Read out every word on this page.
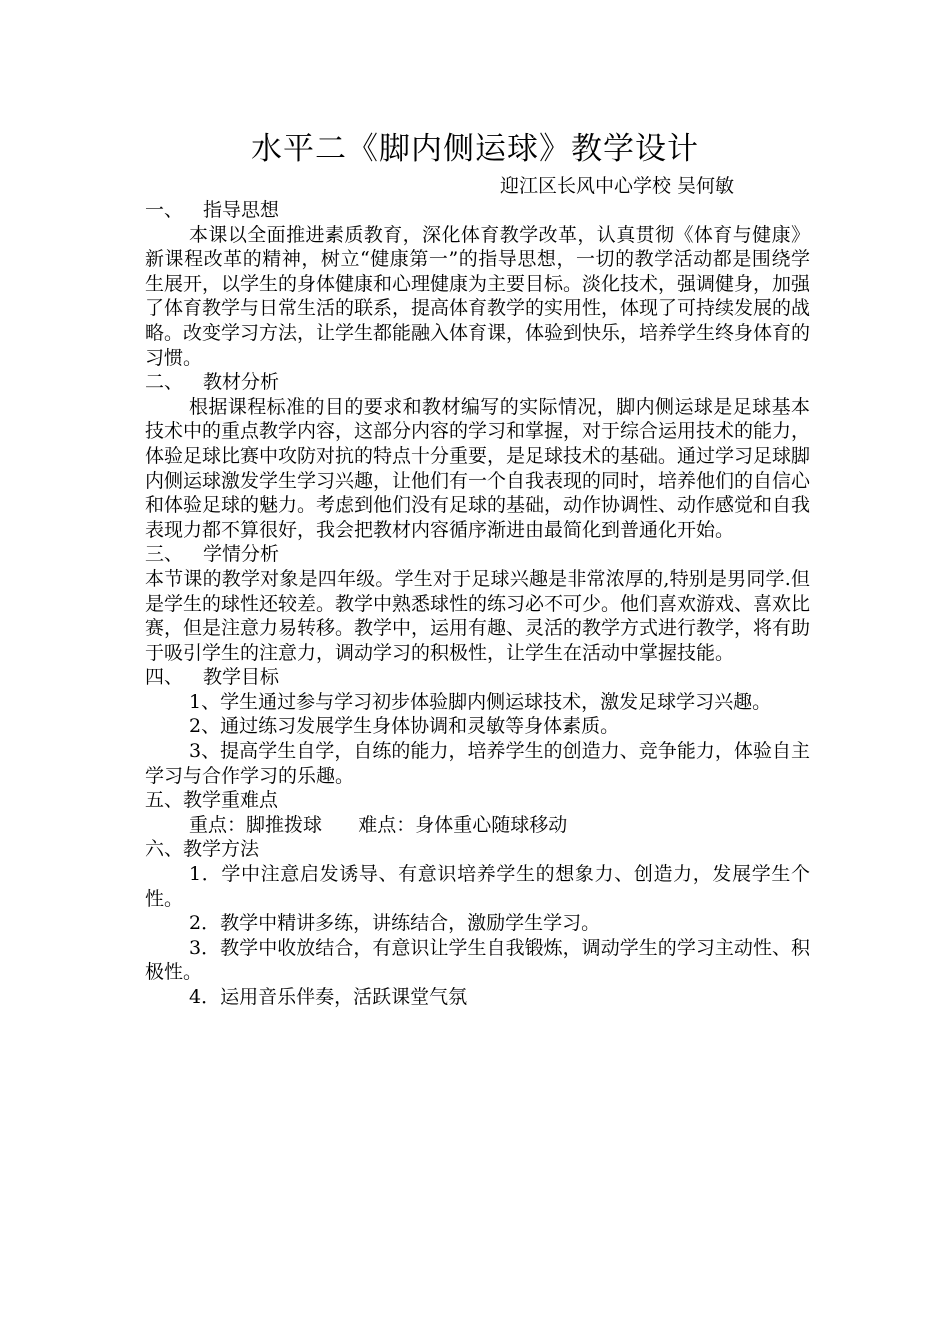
水平二《脚内侧运球》教学设计
迎江区长风中心学校 吴何敏
一、 指导思想
本课以全面推进素质教育，深化体育教学改革，认真贯彻《体育与健康》新课程改革的精神，树立“健康第一”的指导思想，一切的教学活动都是围绕学生展开，以学生的身体健康和心理健康为主要目标。淡化技术，强调健身，加强了体育教学与日常生活的联系，提高体育教学的实用性，体现了可持续发展的战略。改变学习方法，让学生都能融入体育课，体验到快乐，培养学生终身体育的习惯。
二、 教材分析
根据课程标准的目的要求和教材编写的实际情况，脚内侧运球是足球基本技术中的重点教学内容，这部分内容的学习和掌握，对于综合运用技术的能力，体验足球比赛中攻防对抗的特点十分重要，是足球技术的基础。通过学习足球脚内侧运球激发学生学习兴趣，让他们有一个自我表现的同时，培养他们的自信心和体验足球的魅力。考虑到他们没有足球的基础，动作协调性、动作感觉和自我表现力都不算很好，我会把教材内容循序渐进由最简化到普通化开始。
三、 学情分析
本节课的教学对象是四年级。学生对于足球兴趣是非常浓厚的,特别是男同学.但是学生的球性还较差。教学中熟悉球性的练习必不可少。他们喜欢游戏、喜欢比赛，但是注意力易转移。教学中，运用有趣、灵活的教学方式进行教学，将有助于吸引学生的注意力，调动学习的积极性，让学生在活动中掌握技能。
四、 教学目标
1、学生通过参与学习初步体验脚内侧运球技术，激发足球学习兴趣。
2、通过练习发展学生身体协调和灵敏等身体素质。
3、提高学生自学，自练的能力，培养学生的创造力、竞争能力，体验自主学习与合作学习的乐趣。
五、教学重难点
重点：脚推拨球 难点：身体重心随球移动
六、教学方法
1．学中注意启发诱导、有意识培养学生的想象力、创造力，发展学生个性。
2．教学中精讲多练，讲练结合，激励学生学习。
3．教学中收放结合，有意识让学生自我锻炼，调动学生的学习主动性、积极性。
4．运用音乐伴奏，活跃课堂气氛
